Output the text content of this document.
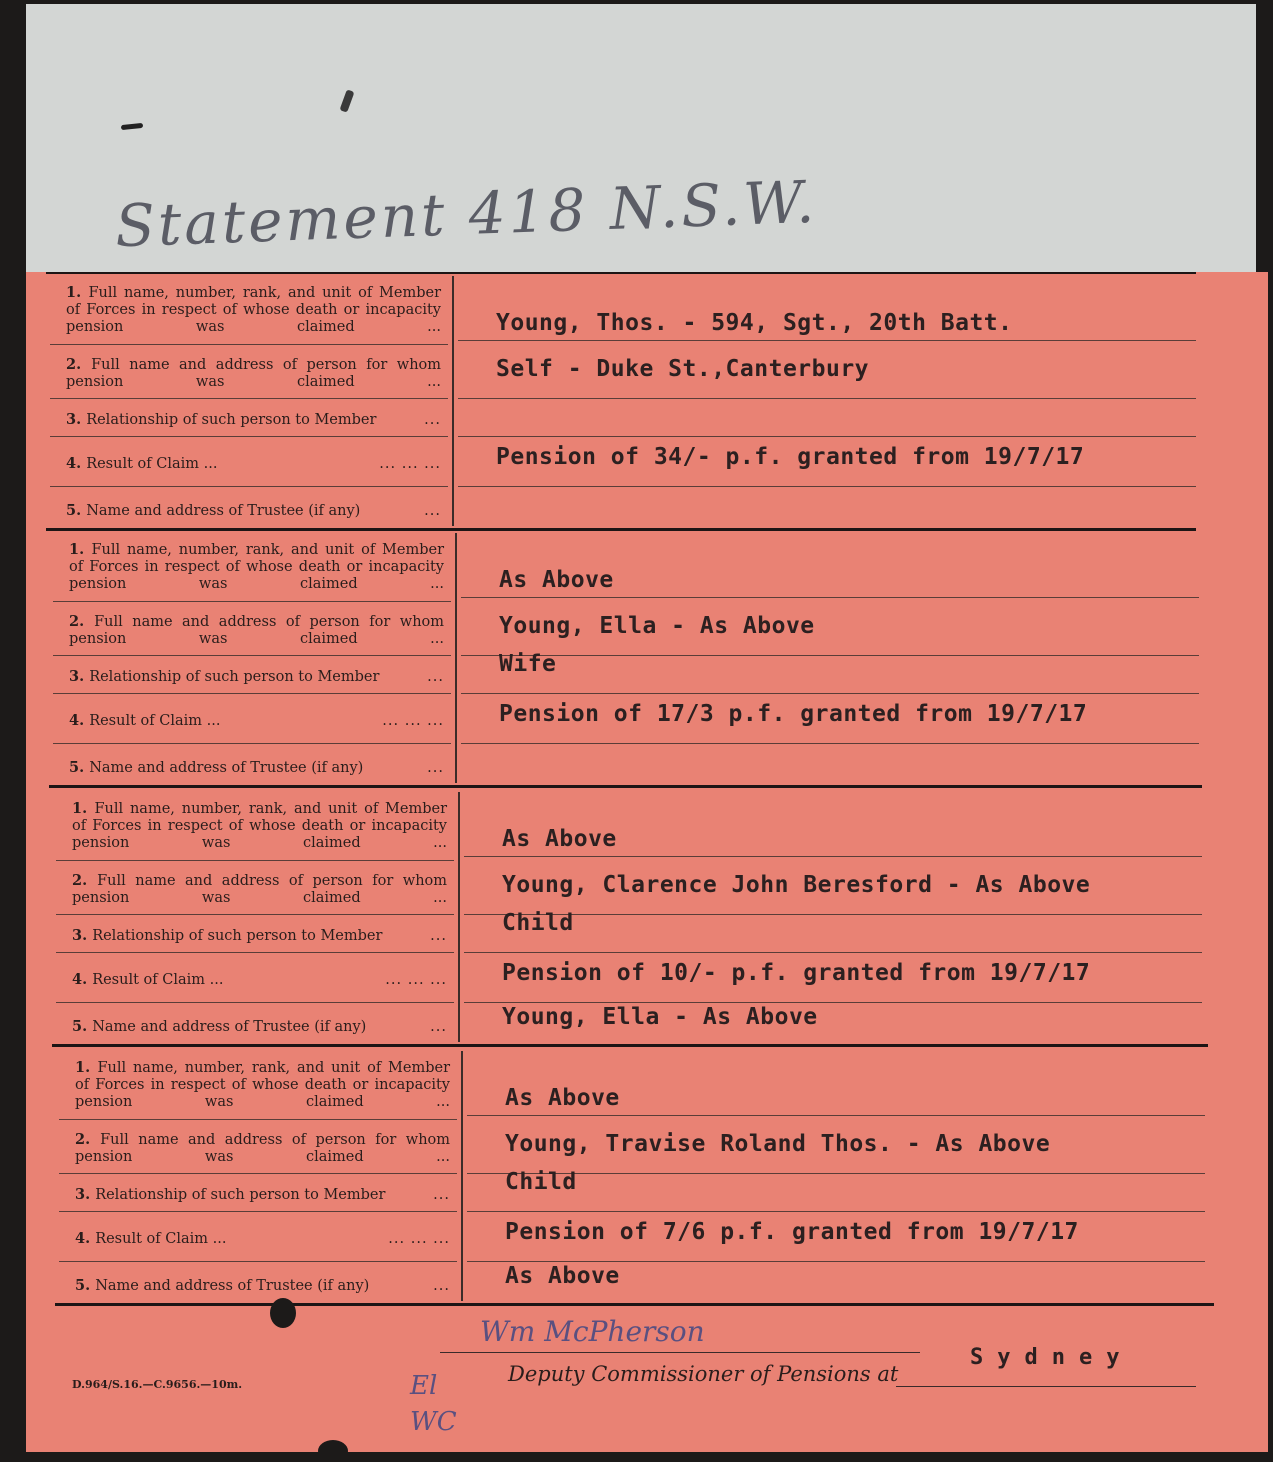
Statement 418 N.S.W.
1. Full name, number, rank, and unit of Member of Forces in respect of whose death or incapacity pension was claimed ... Young, Thos. - 594, Sgt., 20th Batt.
2. Full name and address of person for whom pension was claimed ... Self - Duke St.,Canterbury
3. Relationship of such person to Member	...
4. Result of Claim ...	... ... ... Pension of 34/- p.f. granted from 19/7/17
5. Name and address of Trustee (if any)	...
1. Full name, number, rank, and unit of Member of Forces in respect of whose death or incapacity pension was claimed ... As Above
2. Full name and address of person for whom pension was claimed ... Young, Ella - As Above
3. Relationship of such person to Member	... Wife
4. Result of Claim ...	... ... ... Pension of 17/3 p.f. granted from 19/7/17
5. Name and address of Trustee (if any)	...
1. Full name, number, rank, and unit of Member of Forces in respect of whose death or incapacity pension was claimed ... As Above
2. Full name and address of person for whom pension was claimed ... Young, Clarence John Beresford - As Above
3. Relationship of such person to Member	... Child
4. Result of Claim ...	... ... ... Pension of 10/- p.f. granted from 19/7/17
5. Name and address of Trustee (if any)	... Young, Ella - As Above
1. Full name, number, rank, and unit of Member of Forces in respect of whose death or incapacity pension was claimed ... As Above
2. Full name and address of person for whom pension was claimed ... Young, Travise Roland Thos. - As Above
3. Relationship of such person to Member	... Child
4. Result of Claim ...	... ... ... Pension of 7/6 p.f. granted from 19/7/17
5. Name and address of Trustee (if any)	... As Above
Wm McPherson
Deputy Commissioner of Pensions at
Sydney
D.964/S.16.—C.9656.—10m.	El
WC
